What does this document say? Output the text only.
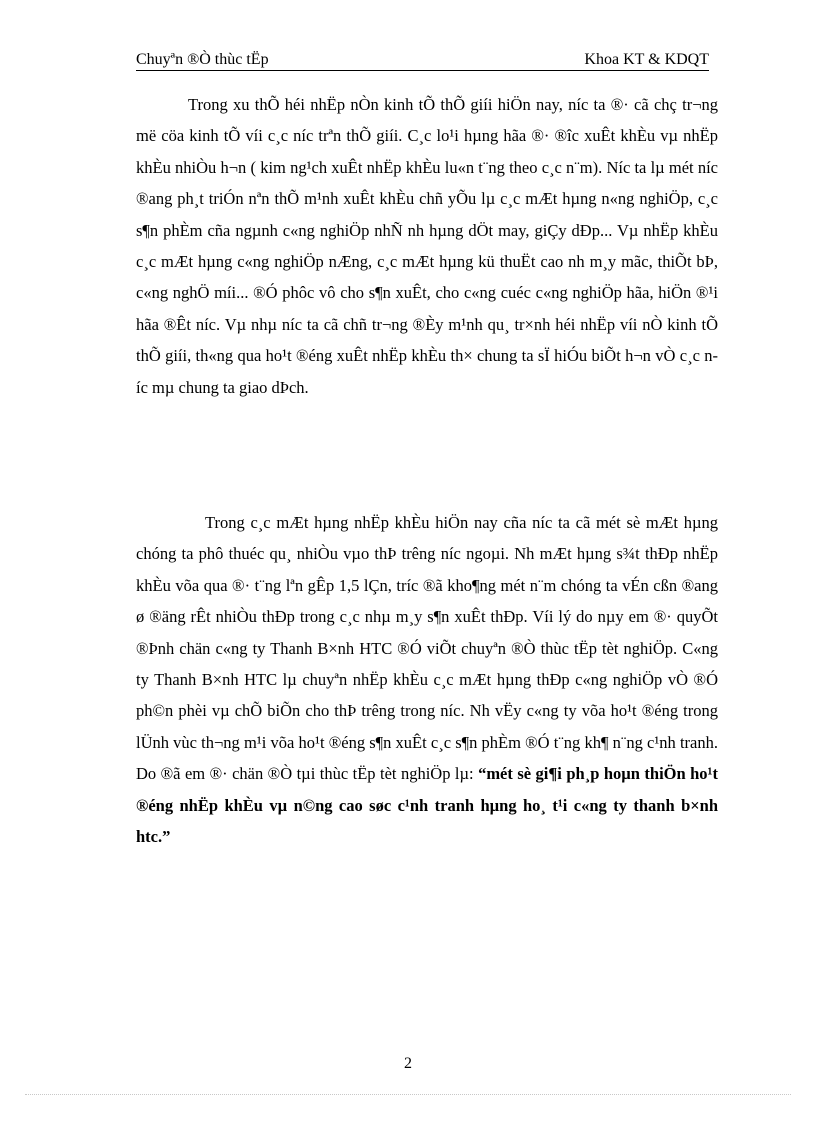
Chuyªn ®Ò thùc tËp	Khoa KT & KDQT

Trong xu thÕ héi nhËp nÒn kinh tÕ thÕ giíi hiÖn nay, níc ta ®· cã chç tr¬ng më cöa kinh tÕ víi c¸c níc trªn thÕ giíi. C¸c lo¹i hµng hãa ®· ®îc xuÊt khÈu vµ nhËp khÈu nhiÒu h¬n ( kim ng¹ch xuÊt nhËp khÈu lu«n t¨ng theo c¸c n¨m). Níc ta lµ mét níc ®ang ph¸t triÓn nªn thÕ m¹nh xuÊt khÈu chñ yÕu lµ c¸c mÆt hµng n«ng nghiÖp, c¸c s¶n phÈm cña ngµnh c«ng nghiÖp nhÑ nh hµng dÖt may, giÇy dÐp... Vµ nhËp khÈu c¸c mÆt hµng c«ng nghiÖp nÆng, c¸c mÆt hµng kü thuËt cao nh m¸y mãc, thiÕt bÞ, c«ng nghÖ míi... ®Ó phôc vô cho s¶n xuÊt, cho c«ng cuéc c«ng nghiÖp hãa, hiÖn ®¹i hãa ®Êt níc. Vµ nhµ níc ta cã chñ tr¬ng ®Èy m¹nh qu¸ tr×nh héi nhËp víi nÒ kinh tÕ thÕ giíi, th«ng qua ho¹t ®éng xuÊt nhËp khÈu th× chung ta sÏ hiÓu biÕt h¬n vÒ c¸c níc mµ chung ta giao dÞch.

Trong c¸c mÆt hµng nhËp khÈu hiÖn nay cña níc ta cã mét sè mÆt hµng chóng ta phô thuéc qu¸ nhiÒu vµo thÞ trêng níc ngoµi. Nh mÆt hµng s¾t thÐp nhËp khÈu võa qua ®· t¨ng lªn gÊp 1,5 lÇn, tríc ®ã kho¶ng mét n¨m chóng ta vÉn cßn ®ang ø ®äng rÊt nhiÒu thÐp trong c¸c nhµ m¸y s¶n xuÊt thÐp. Víi lý do nµy em ®· quyÕt ®Þnh chän c«ng ty Thanh B×nh HTC ®Ó viÕt chuyªn ®Ò thùc tËp tèt nghiÖp. C«ng ty Thanh B×nh HTC lµ chuyªn nhËp khÈu c¸c mÆt hµng thÐp c«ng nghiÖp vÒ ®Ó ph©n phèi vµ chÕ biÕn cho thÞ trêng trong níc. Nh vËy c«ng ty võa ho¹t ®éng trong lÜnh vùc th¬ng m¹i võa ho¹t ®éng s¶n xuÊt c¸c s¶n phÈm ®Ó t¨ng kh¶ n¨ng c¹nh tranh. Do ®ã em ®· chän ®Ò tµi thùc tËp tèt nghiÖp lµ: “mét sè gi¶i ph¸p hoµn thiÖn ho¹t ®éng nhËp khÈu vµ n©ng cao søc c¹nh tranh hµng ho¸ t¹i c«ng ty thanh b×nh htc.”

2
